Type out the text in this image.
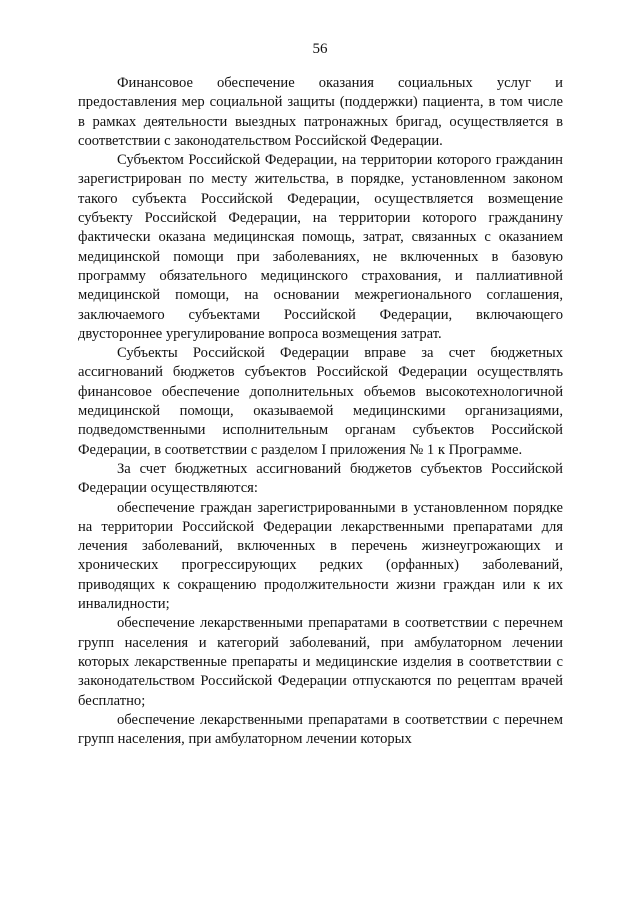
56

Финансовое обеспечение оказания социальных услуг и предоставления мер социальной защиты (поддержки) пациента, в том числе в рамках деятельности выездных патронажных бригад, осуществляется в соответствии с законодательством Российской Федерации.

Субъектом Российской Федерации, на территории которого гражданин зарегистрирован по месту жительства, в порядке, установленном законом такого субъекта Российской Федерации, осуществляется возмещение субъекту Российской Федерации, на территории которого гражданину фактически оказана медицинская помощь, затрат, связанных с оказанием медицинской помощи при заболеваниях, не включенных в базовую программу обязательного медицинского страхования, и паллиативной медицинской помощи, на основании межрегионального соглашения, заключаемого субъектами Российской Федерации, включающего двустороннее урегулирование вопроса возмещения затрат.

Субъекты Российской Федерации вправе за счет бюджетных ассигнований бюджетов субъектов Российской Федерации осуществлять финансовое обеспечение дополнительных объемов высокотехнологичной медицинской помощи, оказываемой медицинскими организациями, подведомственными исполнительным органам субъектов Российской Федерации, в соответствии с разделом I приложения № 1 к Программе.

За счет бюджетных ассигнований бюджетов субъектов Российской Федерации осуществляются:

обеспечение граждан зарегистрированными в установленном порядке на территории Российской Федерации лекарственными препаратами для лечения заболеваний, включенных в перечень жизнеугрожающих и хронических прогрессирующих редких (орфанных) заболеваний, приводящих к сокращению продолжительности жизни граждан или к их инвалидности;

обеспечение лекарственными препаратами в соответствии с перечнем групп населения и категорий заболеваний, при амбулаторном лечении которых лекарственные препараты и медицинские изделия в соответствии с законодательством Российской Федерации отпускаются по рецептам врачей бесплатно;

обеспечение лекарственными препаратами в соответствии с перечнем групп населения, при амбулаторном лечении которых
